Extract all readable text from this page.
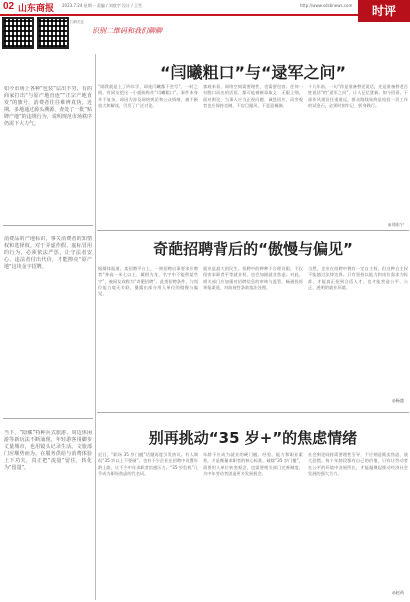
02 山东商报 2023.7.24 星期一 责编 / 刘欣宇 设计 / 王雪	http://www.sdsbnews.com	时评
扫码关注
识别二维码和我们聊聊
如今市场上各种“包装”层出不穷，有的商家打出“与原产地直连”“正宗产地直发”的旗号，消费者往往难辨真伪。近期，多地通过源头溯源，查处了一批“贴牌产地”的违规行为，说明规范市场秩序仍需下大力气。
消费品的产地标识，事关消费者的知情权和选择权。对于弄虚作假、虚标冒用的行为，必须依法严惩，让守法者安心、违法者付出代价，才能擦亮“原产地”这块金字招牌。
当下，“隐藏”特种兵式旅游、周边休闲游等新玩法不断涌现，年轻游客用脚步丈量城市，也用镜头记录生活。文旅部门应顺势而为，在服务供给与消费体验上下功夫，真正把“流量”留住，转化为“留量”。
“闫曦粗口”与“逯军之问”
“隔我就是上了四年学，却连闫曦都不会写”，一时之间，有网友把这一小插曲称作“闫曦粗口”。事件本身并不复杂，却因为涉及网络舆论和公众情绪，被不断放大和解读，引发了广泛讨论。
客观来看，网络空间需要理性，也需要包容。任何一句脱口而出的话语，都可能被断章取义、无限上纲。面对舆论，当事人应当正视问题、诚恳回应，而旁观者也应保持克制，不盲目跟风、不恶意揣测。
十几年前，一句“你是准备替党说话，还是准备替老百姓说话”的“逯军之问”，让人记忆犹新。如今回看，干部作风建设任重道远，群众路线始终是检验一切工作的试金石，必须时刻牢记、躬身践行。
◎刘东宁
奇葩招聘背后的“傲慢与偏见”
据媒体报道，某招聘平台上，一则招聘启事要求应聘者“身高一米七以上、属相为龙、名字中不能带某些字”，被网友戏称为“奇葩招聘”。此类招聘条件，与岗位能力毫无关联，暴露出部分用人单位的傲慢与偏见。
就业是最大的民生。招聘中的种种不合理设限，不仅侵害求职者平等就业权，也会加剧就业焦虑。对此，相关部门应加强对招聘信息的审核与监管，畅通投诉举报渠道，对歧视性条款依法处理。
当然，企业在招聘中拥有一定自主权，但这种自主权不能越过法律边界。只有坚持以能力和岗位需求为标准，才能真正招到合适人才，也才能营造公平、公正、透明的就业环境。
◎杨盛
别再挑动“35 岁+”的焦虑情绪
近日，“职场 35 岁门槛”话题再度引发热议。有人调侃“35 岁以上不要碰”，也有不少企业在招聘中设置年龄上限，让不少中年求职者倍感压力。“35 岁危机”几乎成为职场焦虑的代名词。
年龄不应成为就业的硬门槛。经验、能力和职业素养，才是衡量求职者的核心标准。破除“35 岁门槛”，需要用人单位转变观念，也需要相关部门完善制度，为中年劳动者创造更多发展机会。
社会舆论同样需要理性引导，不应刻意贩卖焦虑、放大恐慌。每个年龄段都有自己的价值，只有让劳动者在公平的环境中各展所长，才能凝聚起推动经济社会发展的强大合力。
◎赵芮
